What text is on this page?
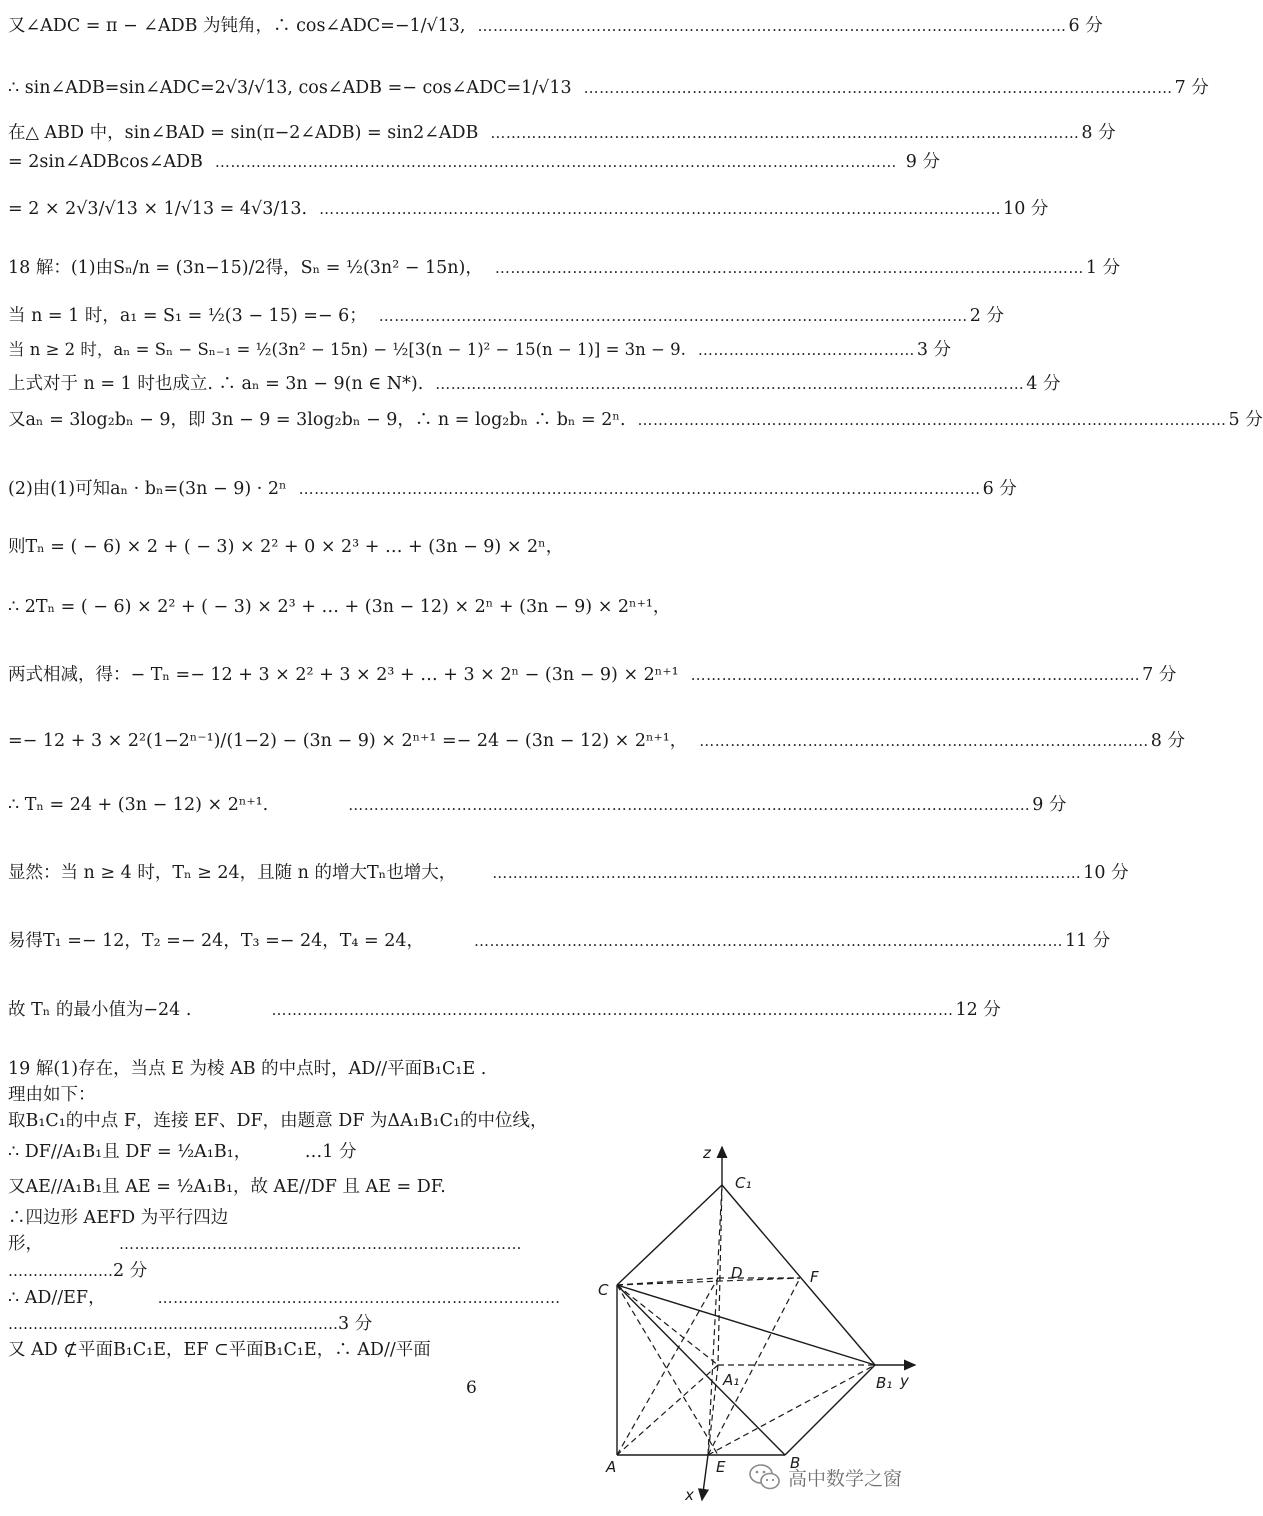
又∠ADC = π − ∠ADB 为钝角，∴ cos∠ADC=−1/√13, …………………………………………………………………………………………………… 6 分
∴ sin∠ADB=sin∠ADC=2√3/√13, cos∠ADB =− cos∠ADC=1/√13 …………………………………………………………………………………………………… 7 分
在△ ABD 中，sin∠BAD = sin(π−2∠ADB) = sin2∠ADB …………………………………………………………………………………………………… 8 分
= 2sin∠ADBcos∠ADB …………………………………………………………………………………………………………………… 9 分
= 2 × 2√3/√13 × 1/√13 = 4√3/13. …………………………………………………………………………………………………………………… 10 分
18 解：(1)由Sₙ/n = (3n−15)/2得，Sₙ = ½(3n² − 15n)， …………………………………………………………………………………………………… 1 分
当 n = 1 时，a₁ = S₁ = ½(3 − 15) =− 6； …………………………………………………………………………………………………… 2 分
当 n ≥ 2 时，aₙ = Sₙ − Sₙ₋₁ = ½(3n² − 15n) − ½[3(n − 1)² − 15(n − 1)] = 3n − 9. …………………………………… 3 分
上式对于 n = 1 时也成立. ∴ aₙ = 3n − 9(n ∈ N*). …………………………………………………………………………………………………… 4 分
又aₙ = 3log₂bₙ − 9，即 3n − 9 = 3log₂bₙ − 9，∴ n = log₂bₙ ∴ bₙ = 2ⁿ. …………………………………………………………………………………………………… 5 分
(2)由(1)可知aₙ · bₙ=(3n − 9) · 2ⁿ …………………………………………………………………………………………………………………… 6 分
则Tₙ = ( − 6) × 2 + ( − 3) × 2² + 0 × 2³ + … + (3n − 9) × 2ⁿ，
∴ 2Tₙ = ( − 6) × 2² + ( − 3) × 2³ + … + (3n − 12) × 2ⁿ + (3n − 9) × 2ⁿ⁺¹，
两式相减，得：− Tₙ =− 12 + 3 × 2² + 3 × 2³ + … + 3 × 2ⁿ − (3n − 9) × 2ⁿ⁺¹ …………………………………………………………………………… 7 分
=− 12 + 3 × 2²(1−2ⁿ⁻¹)/(1−2) − (3n − 9) × 2ⁿ⁺¹ =− 24 − (3n − 12) × 2ⁿ⁺¹， …………………………………………………………………………… 8 分
∴ Tₙ = 24 + (3n − 12) × 2ⁿ⁺¹.	…………………………………………………………………………………………………………………… 9 分
显然：当 n ≥ 4 时，Tₙ ≥ 24，且随 n 的增大Tₙ也增大， …………………………………………………………………………………………………… 10 分
易得T₁ =− 12，T₂ =− 24，T₃ =− 24，T₄ = 24，	…………………………………………………………………………………………………… 11 分
故 Tₙ 的最小值为−24 .	…………………………………………………………………………………………………………………… 12 分
19 解(1)存在，当点 E 为棱 AB 的中点时，AD//平面B₁C₁E .
理由如下：
取B₁C₁的中点 F，连接 EF、DF，由题意 DF 为ΔA₁B₁C₁的中位线，
∴ DF//A₁B₁且 DF = ½A₁B₁，	…1 分
又AE//A₁B₁且 AE = ½A₁B₁，故 AE//DF 且 AE = DF.
∴四边形 AEFD 为平行四边
形，	……………………………………………………………………
…………………2 分
∴ AD//EF，	……………………………………………………………………
…………………………………………………………3 分
又 AD ⊄平面B₁C₁E，EF ⊂平面B₁C₁E，∴ AD//平面
6
z
C₁
C
D	F
A₁	B₁ y
A	E	B
x
高中数学之窗
